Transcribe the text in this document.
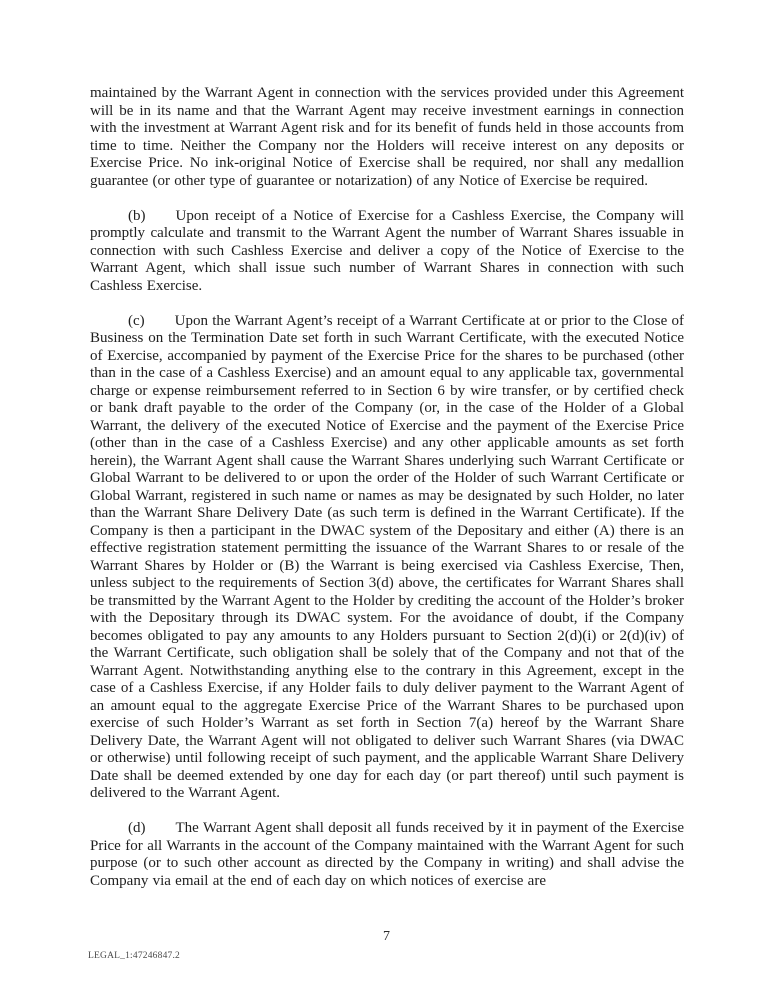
maintained by the Warrant Agent in connection with the services provided under this Agreement will be in its name and that the Warrant Agent may receive investment earnings in connection with the investment at Warrant Agent risk and for its benefit of funds held in those accounts from time to time. Neither the Company nor the Holders will receive interest on any deposits or Exercise Price. No ink-original Notice of Exercise shall be required, nor shall any medallion guarantee (or other type of guarantee or notarization) of any Notice of Exercise be required.

(b) Upon receipt of a Notice of Exercise for a Cashless Exercise, the Company will promptly calculate and transmit to the Warrant Agent the number of Warrant Shares issuable in connection with such Cashless Exercise and deliver a copy of the Notice of Exercise to the Warrant Agent, which shall issue such number of Warrant Shares in connection with such Cashless Exercise.

(c) Upon the Warrant Agent’s receipt of a Warrant Certificate at or prior to the Close of Business on the Termination Date set forth in such Warrant Certificate, with the executed Notice of Exercise, accompanied by payment of the Exercise Price for the shares to be purchased (other than in the case of a Cashless Exercise) and an amount equal to any applicable tax, governmental charge or expense reimbursement referred to in Section 6 by wire transfer, or by certified check or bank draft payable to the order of the Company (or, in the case of the Holder of a Global Warrant, the delivery of the executed Notice of Exercise and the payment of the Exercise Price (other than in the case of a Cashless Exercise) and any other applicable amounts as set forth herein), the Warrant Agent shall cause the Warrant Shares underlying such Warrant Certificate or Global Warrant to be delivered to or upon the order of the Holder of such Warrant Certificate or Global Warrant, registered in such name or names as may be designated by such Holder, no later than the Warrant Share Delivery Date (as such term is defined in the Warrant Certificate). If the Company is then a participant in the DWAC system of the Depositary and either (A) there is an effective registration statement permitting the issuance of the Warrant Shares to or resale of the Warrant Shares by Holder or (B) the Warrant is being exercised via Cashless Exercise, Then, unless subject to the requirements of Section 3(d) above, the certificates for Warrant Shares shall be transmitted by the Warrant Agent to the Holder by crediting the account of the Holder’s broker with the Depositary through its DWAC system. For the avoidance of doubt, if the Company becomes obligated to pay any amounts to any Holders pursuant to Section 2(d)(i) or 2(d)(iv) of the Warrant Certificate, such obligation shall be solely that of the Company and not that of the Warrant Agent. Notwithstanding anything else to the contrary in this Agreement, except in the case of a Cashless Exercise, if any Holder fails to duly deliver payment to the Warrant Agent of an amount equal to the aggregate Exercise Price of the Warrant Shares to be purchased upon exercise of such Holder’s Warrant as set forth in Section 7(a) hereof by the Warrant Share Delivery Date, the Warrant Agent will not obligated to deliver such Warrant Shares (via DWAC or otherwise) until following receipt of such payment, and the applicable Warrant Share Delivery Date shall be deemed extended by one day for each day (or part thereof) until such payment is delivered to the Warrant Agent.

(d) The Warrant Agent shall deposit all funds received by it in payment of the Exercise Price for all Warrants in the account of the Company maintained with the Warrant Agent for such purpose (or to such other account as directed by the Company in writing) and shall advise the Company via email at the end of each day on which notices of exercise are

7
LEGAL_1:47246847.2
